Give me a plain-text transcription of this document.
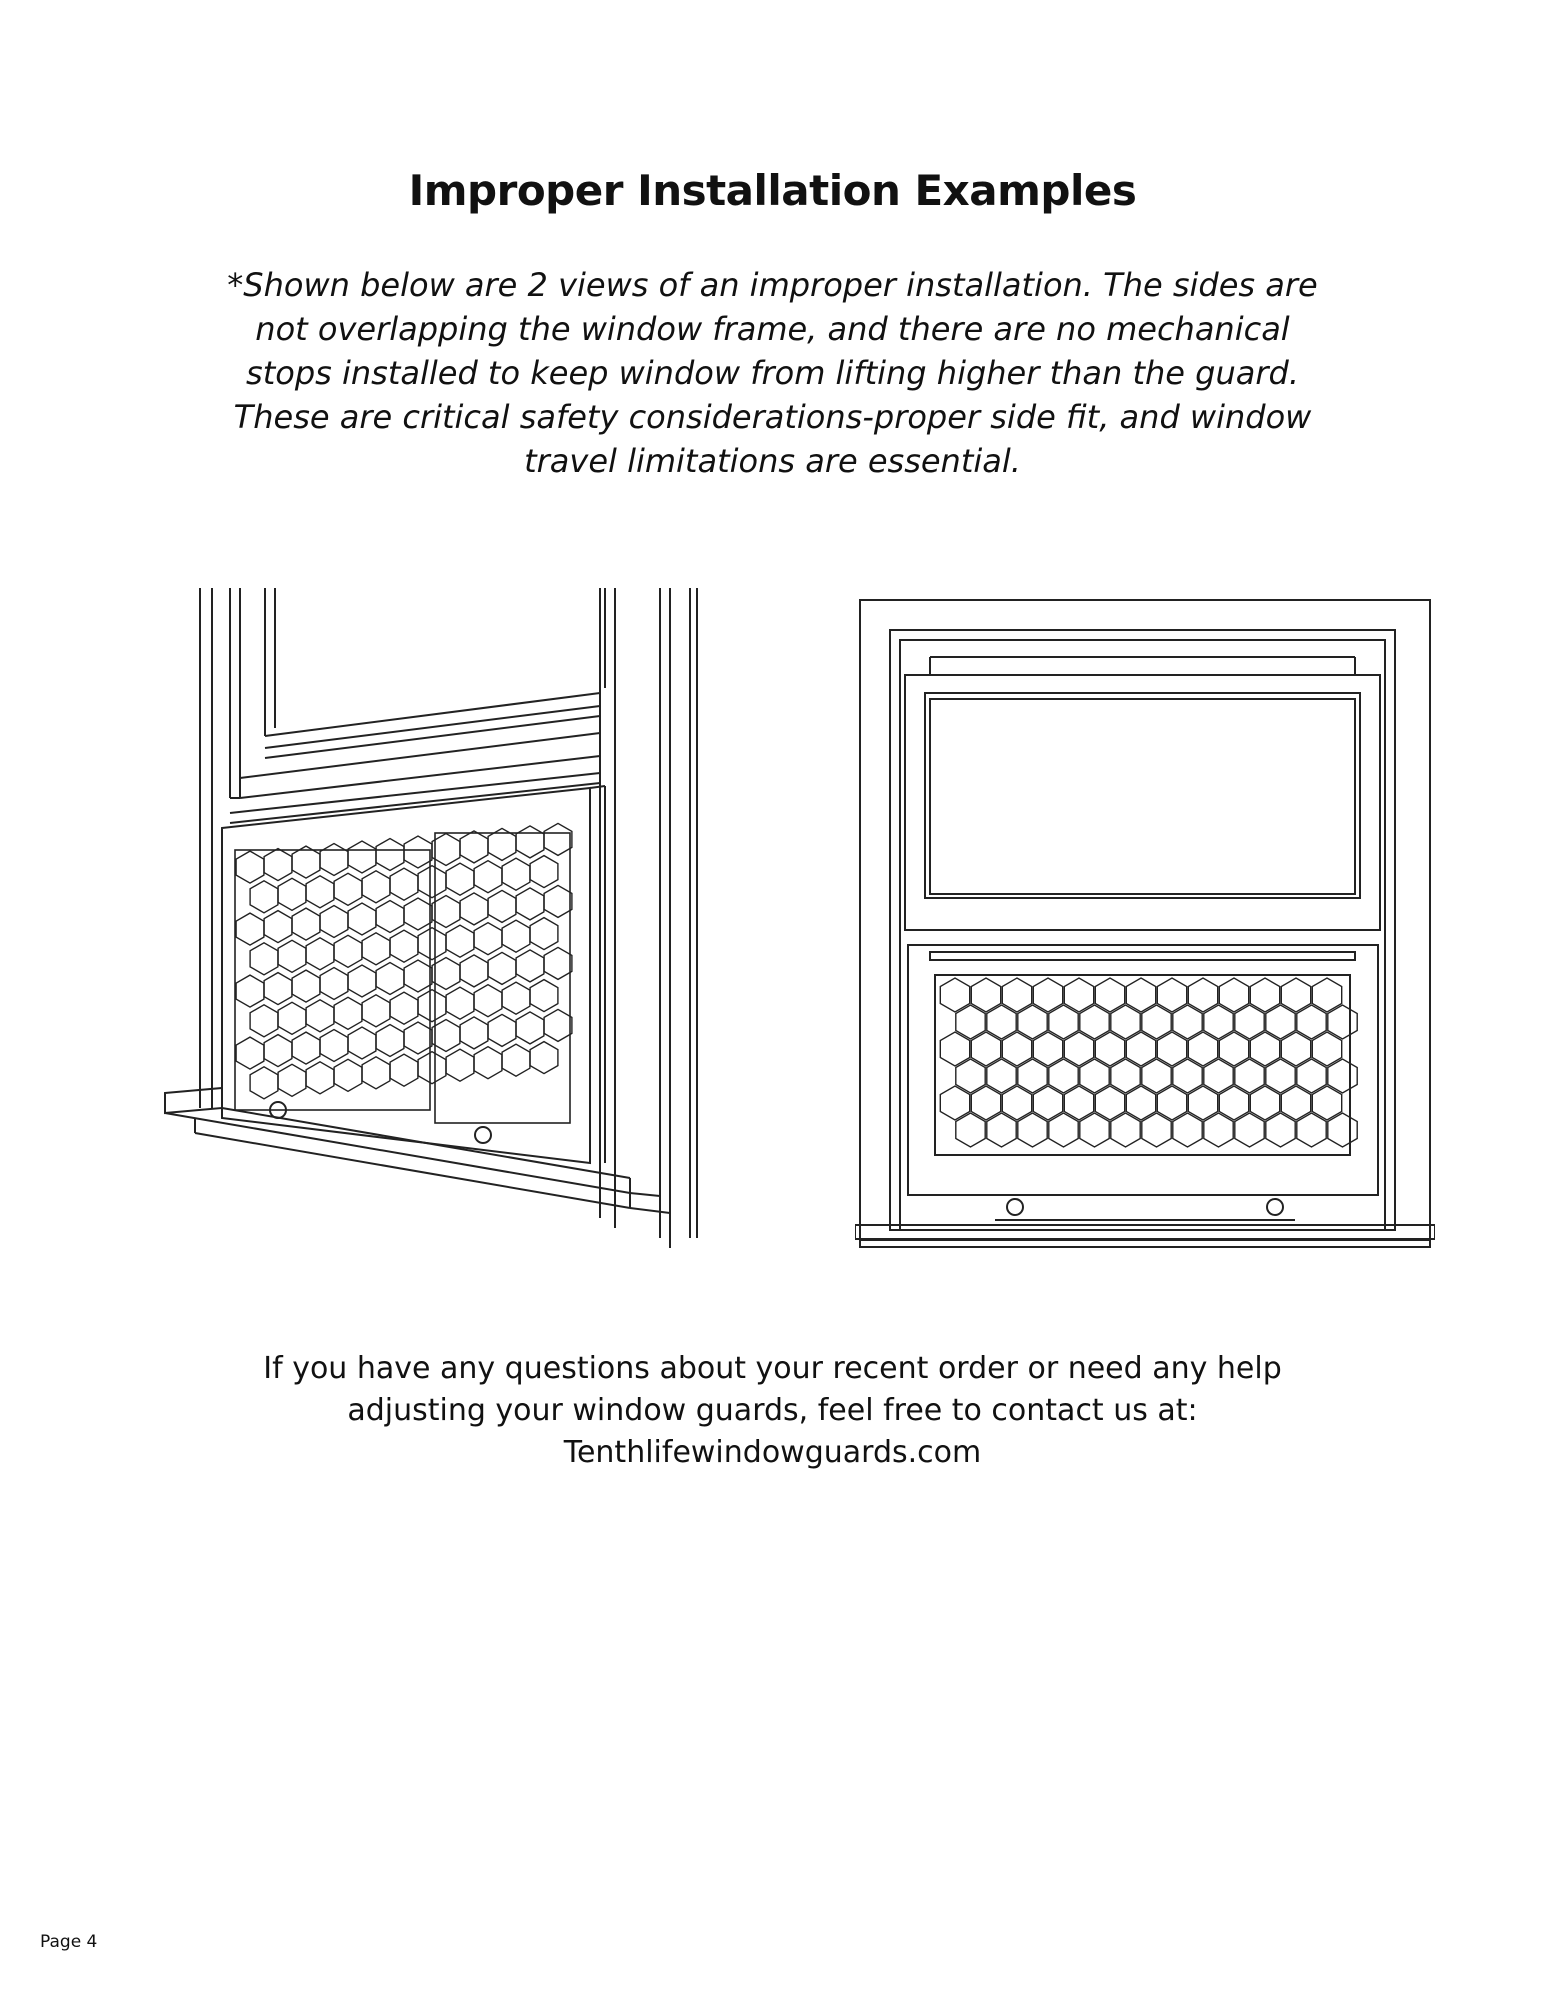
Improper Installation Examples
*Shown below are 2 views of an improper installation. The sides are
not overlapping the window frame, and there are no mechanical
stops installed to keep window from lifting higher than the guard.
These are critical safety considerations-proper side fit, and window
travel limitations are essential.
If you have any questions about your recent order or need any help
adjusting your window guards, feel free to contact us at:
Tenthlifewindowguards.com
Page 4
